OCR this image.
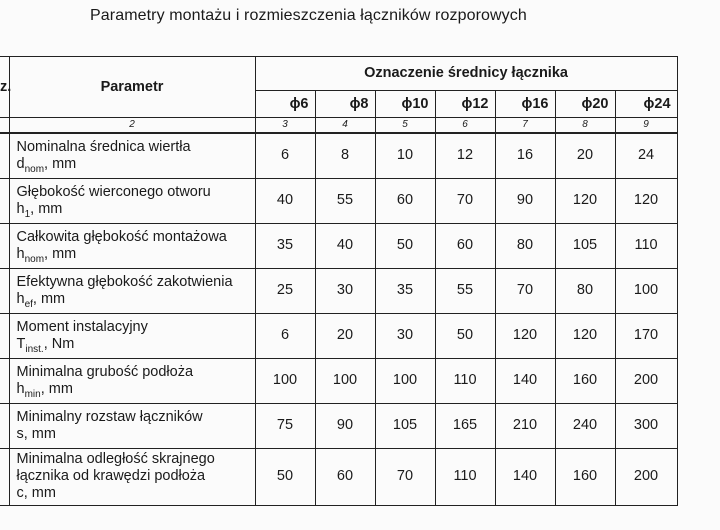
Parametry montażu i rozmieszczenia łączników rozporowych
z.	Parametr	Oznaczenie średnicy łącznika						
		ϕ6	ϕ8	ϕ10	ϕ12	ϕ16	ϕ20	ϕ24
	2	3	4	5	6	7	8	9
	Nominalna średnica wiertła
$d_{nom}$, mm	6	8	10	12	16	20	24
	Głębokość wierconego otworu
$h_1$, mm	40	55	60	70	90	120	120
	Całkowita głębokość montażowa
$h_{nom}$, mm	35	40	50	60	80	105	110
	Efektywna głębokość zakotwienia
$h_{ef}$, mm	25	30	35	55	70	80	100
	Moment instalacyjny
$T_{inst.}$, Nm	6	20	30	50	120	120	170
	Minimalna grubość podłoża
$h_{min}$, mm	100	100	100	110	140	160	200
	Minimalny rozstaw łączników
s, mm	75	90	105	165	210	240	300
	Minimalna odległość skrajnego
łącznika od krawędzi podłoża
c, mm	50	60	70	110	140	160	200
